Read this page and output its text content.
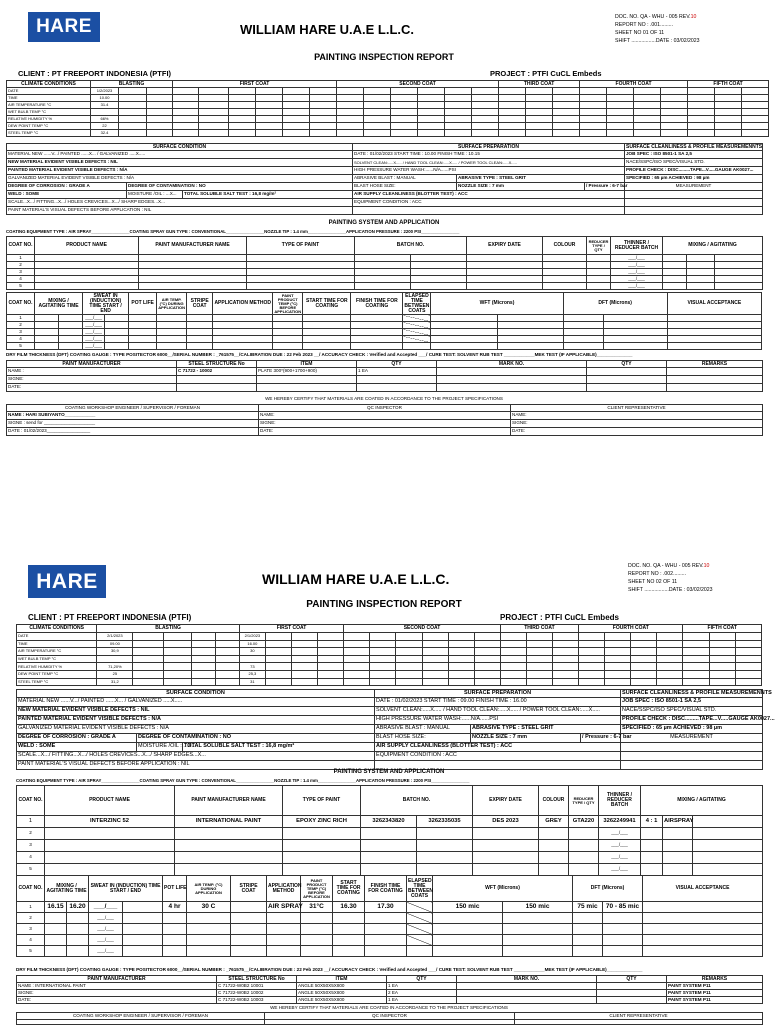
HARE	WILLIAM HARE U.A.E L.L.C.
DOC. NO. QA - WHU - 005 REV.10
REPORT NO : .001.........
SHEET NO 01 OF 11
SHIFT .................DATE : 03/02/2023
PAINTING INSPECTION REPORT
CLIENT : PT FREEPORT INDONESIA (PTFI)	PROJECT : PTFI CuCL Embeds
CLIMATE CONDITIONS	BLASTING			FIRST COAT						SECOND COAT						THIRD COAT			FOURTH COAT				FIFTH COAT		
DATE	1/2/2023																								
TIME	10.00																								
AIR TEMPERATURE °C	31.4																								
WET BULB TEMP °C																									
RELATIVE HUMIDITY %	66%																								
DEW POINT TEMP °C	22																								
STEEL TEMP °C	32.4																								
SURFACE CONDITION			SURFACE PREPARATION			SURFACE CLEANLINESS & PROFILE MEASUREMENNTS
MATERIAL NEW ......V.../ PAINTED ......X... / GALVANIZED .....X.....			DATE : 01/02/2023 START TIME : 10.00 FINISH TIME : 10.15			JOB SPEC : ISO 8501-1 SA 2,5
NEW MATERIAL EVIDENT VISIBLE DEFECTS : NIL			SOLVENT CLEAN:.....X..... / HAND TOOL CLEAN:.....X..... / POWER TOOL CLEAN:.....X.....			NACE/SSPC/ISO SPEC/VISUAL STD.
PAINTED MATERIAL EVIDENT VISIBLE DEFECTS : N/A			HIGH PRESSURE WATER WASH:......N/A......PSI			PROFILE CHECK : DISC.........TAPE...V.....GAUGE AK0027...
GALVANIZED MATERIAL EVIDENT VISIBLE DEFECTS : N/A			ABRASIVE BLAST : MANUAL	ABRASIVE TYPE : STEEL GRIT		SPECIFIED : 65 µm ACHIEVED : 98 µm
DEGREE OF CORROSION : GRADE A	DEGREE OF CONTAMINATION : NO		BLAST HOSE SIZE:	NOZZLE SIZE : 7 mm	/ Pressure : 6-7 bar	MEASUREMENT
WELD : SOME	MOISTURE /OIL : ...X...	TOTAL SOLUBLE SALT TEST : 16,8 mg/m²	AIR SUPPLY CLEANLINESS (BLOTTER TEST) : ACC			
SCALE...X.../ FITTING...X.../ HOLES CREVICES...X.../ SHARP EDGES...X...			EQUIPMENT CONDITION : ACC			
PAINT MATERIAL'S VISUAL DEFECTS BEFORE APPLICATION : NIL						
PAINTING SYSTEM AND APPLICATION
COATING EQUIPMENT TYPE : AIR SPRAY________________COATING SPRAY GUN TYPE : CONVENTIONAL________________NOZZLE TIP : 1.4 mm________________APPLICATION PRESSURE : 2200 PSI________________
COAT NO.	PRODUCT NAME	PAINT MANUFACTURER NAME	TYPE OF PAINT	BATCH NO.		EXPIRY DATE	COLOUR	REDUCER TYPE / QTY	THINNER / REDUCER BATCH	MIXING / AGITATING		
1									___/___			
2									___/___			
3									___/___			
4									___/___			
5									___/___			
COAT NO.	MIXING / AGITATING TIME		SWEAT IN (INDUCTION) TIME START / END		POT LIFE	AIR TEMP. (°C) DURING APPLICATION	STRIPE COAT	APPLICATION METHOD	PAINT PRODUCT TEMP (°C) BEFORE APPLICATION	START TIME FOR COATING	FINISH TIME FOR COATING	ELAPSED TIME BETWEEN COATS	WFT (Microns)		DFT (Microns)		VISUAL ACCEPTANCE
1			___/___														
2			___/___														
3			___/___														
4			___/___														
5			___/___														
DRY FILM THICKNESS (DFT) COATING GAUGE : TYPE POSITECTOR 6000__/SERIAL NUMBER : _761575__/CALIBRATION DUE : 22 Feb 2023 __/ ACCURACY CHECK : Verified and Accepted ___/ CURE TEST: SOLVENT RUB TEST ____________MEK TEST (IF APPLICABLE)______________
PAINT MANUFACTURER	STEEL STRUCTURE No	ITEM	QTY	MARK NO.	QTY	REMARKS
NAME :	C 71722 - 10002	PLATE 300*(900+1700+900)	1 EA			
SIGNE:						
DATE:						
WE HEREBY CERTIFY THAT MATERIALS ARE COATED IN ACCORDANCE TO THE PROJECT SPECIFICATIONS
COATING WORKSHOP ENGINEER / SUPERVISOR / FOREMAN	QC INSPECTOR	CLIENT REPRESENTATIVE
NAME : HARI SUBIYANTO____________	NAME:	NAME:
SIGNE : send for ____________________	SIGNE:	SIGNE:
DATE : 01/02/2023_________________	DATE:	DATE:
HARE	WILLIAM HARE U.A.E L.L.C.
DOC. NO. QA - WHU - 005 REV.10
REPORT NO : .002.........
SHEET NO 02 OF 11
SHIFT .................DATE : 03/02/2023
PAINTING INSPECTION REPORT
CLIENT : PT FREEPORT INDONESIA (PTFI)	PROJECT : PTFI CuCL Embeds
CLIMATE CONDITIONS	BLASTING					FIRST COAT				SECOND COAT						THIRD COAT			FOURTH COAT				FIFTH COAT		
DATE	2/1/2023					2/1/2023																			
TIME	09.00					16.00																			
AIR TEMPERATURE °C	30,9					30																			
WET BULB TEMP °C																									
RELATIVE HUMIDITY %	71,20%					73																			
DEW POINT TEMP °C	25					25,3																			
STEEL TEMP °C	31,2					31																			
SURFACE CONDITION			SURFACE PREPARATION			SURFACE CLEANLINESS & PROFILE MEASUREMENNTS
MATERIAL NEW ......V.../ PAINTED ......X... / GALVANIZED .....X.....			DATE : 01/02/2023 START TIME : 09.00 FINISH TIME : 16.00			JOB SPEC : ISO 8501-1 SA 2,5
NEW MATERIAL EVIDENT VISIBLE DEFECTS : NIL			SOLVENT CLEAN:.....X..... / HAND TOOL CLEAN:.....X..... / POWER TOOL CLEAN:.....X.....			NACE/SSPC/ISO SPEC/VISUAL STD.
PAINTED MATERIAL EVIDENT VISIBLE DEFECTS : N/A			HIGH PRESSURE WATER WASH:......N/A......PSI			PROFILE CHECK : DISC.........TAPE...V.....GAUGE AK0027...
GALVANIZED MATERIAL EVIDENT VISIBLE DEFECTS : N/A			ABRASIVE BLAST : MANUAL	ABRASIVE TYPE : STEEL GRIT		SPECIFIED : 65 µm ACHIEVED : 98 µm
DEGREE OF CORROSION : GRADE A	DEGREE OF CONTAMINATION : NO		BLAST HOSE SIZE:	NOZZLE SIZE : 7 mm	/ Pressure : 6-7 bar	MEASUREMENT
WELD : SOME	MOISTURE /OIL : ...X...	TOTAL SOLUBLE SALT TEST : 16,8 mg/m²	AIR SUPPLY CLEANLINESS (BLOTTER TEST) : ACC			
SCALE...X.../ FITTING...X.../ HOLES CREVICES...X.../ SHARP EDGES...X...			EQUIPMENT CONDITION : ACC			
PAINT MATERIAL'S VISUAL DEFECTS BEFORE APPLICATION : NIL						
PAINTING SYSTEM AND APPLICATION
COATING EQUIPMENT TYPE : AIR SPRAY________________COATING SPRAY GUN TYPE : CONVENTIONAL________________NOZZLE TIP : 1.4 mm________________APPLICATION PRESSURE : 2200 PSI________________
COAT NO.	PRODUCT NAME	PAINT MANUFACTURER NAME	TYPE OF PAINT	BATCH NO.		EXPIRY DATE	COLOUR	REDUCER TYPE / QTY	THINNER / REDUCER BATCH	MIXING / AGITATING		
1	INTERZINC 52	INTERNATIONAL PAINT	EPOXY ZINC RICH	3262343820	3262335035	DES 2023	GREY	GTA220	3262249941	4 : 1	AIRSPRAY	
2									___/___			
3									___/___			
4									___/___			
5									___/___			
COAT NO.	MIXING / AGITATING TIME		SWEAT IN (INDUCTION) TIME START / END		POT LIFE	AIR TEMP. (°C) DURING APPLICATION	STRIPE COAT	APPLICATION METHOD	PAINT PRODUCT TEMP (°C) BEFORE APPLICATION	START TIME FOR COATING	FINISH TIME FOR COATING	ELAPSED TIME BETWEEN COATS	WFT (Microns)		DFT (Microns)		VISUAL ACCEPTANCE
1	16.15	16.20	___/___		4 hr	30 C		AIR SPRAY	31°C	16.30	17.30		150 mic	150 mic	75 mic	70 - 85 mic	
2			___/___														
3			___/___														
4			___/___														
5			___/___														
DRY FILM THICKNESS (DFT) COATING GAUGE : TYPE POSITECTOR 6000__/SERIAL NUMBER : _761575__/CALIBRATION DUE : 22 Feb 2023 __/ ACCURACY CHECK : Verified and Accepted ___/ CURE TEST: SOLVENT RUB TEST ____________MEK TEST (IF APPLICABLE)______________
PAINT MANUFACTURER	STEEL STRUCTURE No	ITEM	QTY	MARK NO.	QTY	REMARKS
NAME : INTERNATIONAL PAINT	C 71722-W0B2 10001	ANGLE 50X50X5X800	1 EA			PAINT SYSTEM P11
SIGNE:	C 71722-W0B2 10002	ANGLE 50X50X5X800	2 EA			PAINT SYSTEM P11
DATE:	C 71722-W0B2 10003	ANGLE 50X50X5X800	1 EA			PAINT SYSTEM P11
WE HEREBY CERTIFY THAT MATERIALS ARE COATED IN ACCORDANCE TO THE PROJECT SPECIFICATIONS
COATING WORKSHOP ENGINEER / SUPERVISOR / FOREMAN	QC INSPECTOR	CLIENT REPRESENTATIVE
